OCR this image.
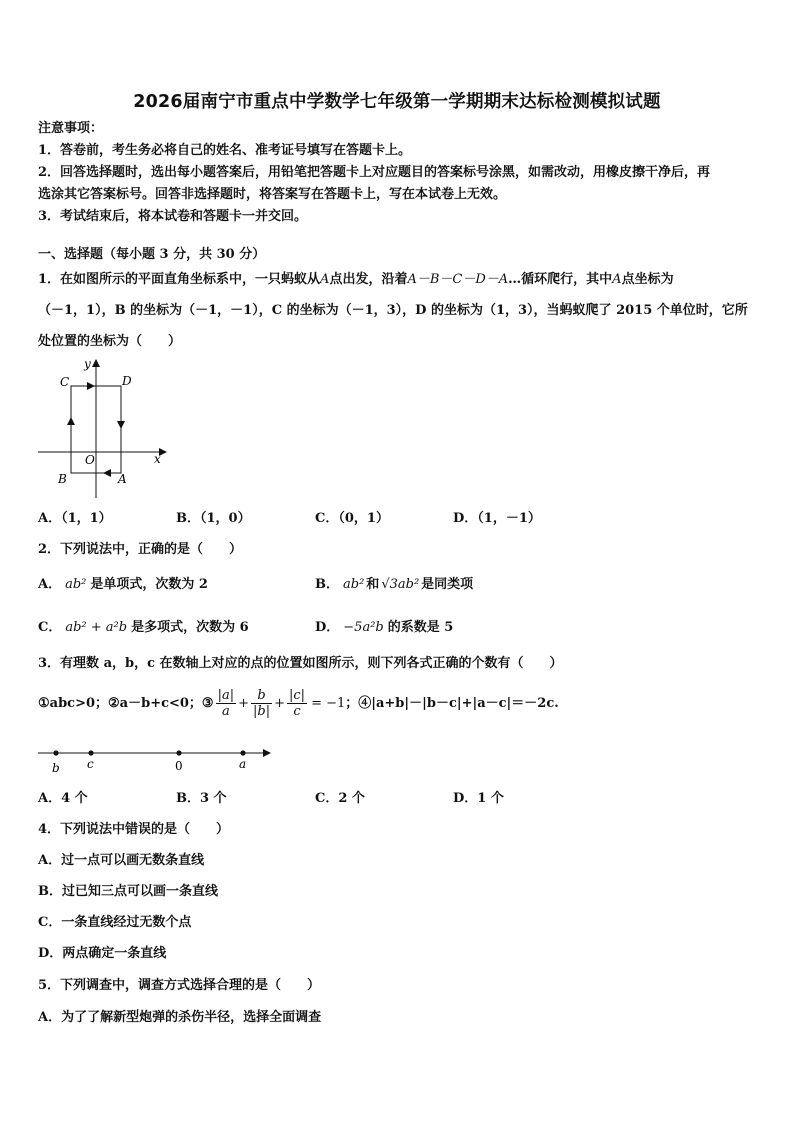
2026届南宁市重点中学数学七年级第一学期期末达标检测模拟试题
注意事项：
1．答卷前，考生务必将自己的姓名、准考证号填写在答题卡上。
2．回答选择题时，选出每小题答案后，用铅笔把答题卡上对应题目的答案标号涂黑，如需改动，用橡皮擦干净后，再
选涂其它答案标号。回答非选择题时，将答案写在答题卡上，写在本试卷上无效。
3．考试结束后，将本试卷和答题卡一并交回。
一、选择题（每小题 3 分，共 30 分）
1．在如图所示的平面直角坐标系中，一只蚂蚁从A点出发，沿着A－B－C－D－A…循环爬行，其中A点坐标为
（－1，1），B 的坐标为（－1，－1），C 的坐标为（－1，3），D 的坐标为（1，3），当蚂蚁爬了 2015 个单位时，它所
处位置的坐标为（　　）
y
x
C	D
O
B	A
A．（1，1）	B．（1，0）	C．（0，1）	D．（1，－1）
2．下列说法中，正确的是（　　）
A． ab² 是单项式，次数为 2	B． ab² 和 √3ab² 是同类项
C． ab² + a²b 是多项式，次数为 6	D． −5a²b 的系数是 5
3．有理数 a，b，c 在数轴上对应的点的位置如图所示，则下列各式正确的个数有（　　）
①abc>0；②a－b+c<0；③ $\frac{|a|}{a} + \frac{b}{|b|} + \frac{|c|}{c} = -1$；④|a+b|－|b－c|+|a－c|＝－2c.
b c	0	a
A．4 个	B．3 个	C．2 个	D．1 个
4．下列说法中错误的是（　　）
A．过一点可以画无数条直线
B．过已知三点可以画一条直线
C．一条直线经过无数个点
D．两点确定一条直线
5．下列调查中，调查方式选择合理的是（　　）
A．为了了解新型炮弹的杀伤半径，选择全面调查
